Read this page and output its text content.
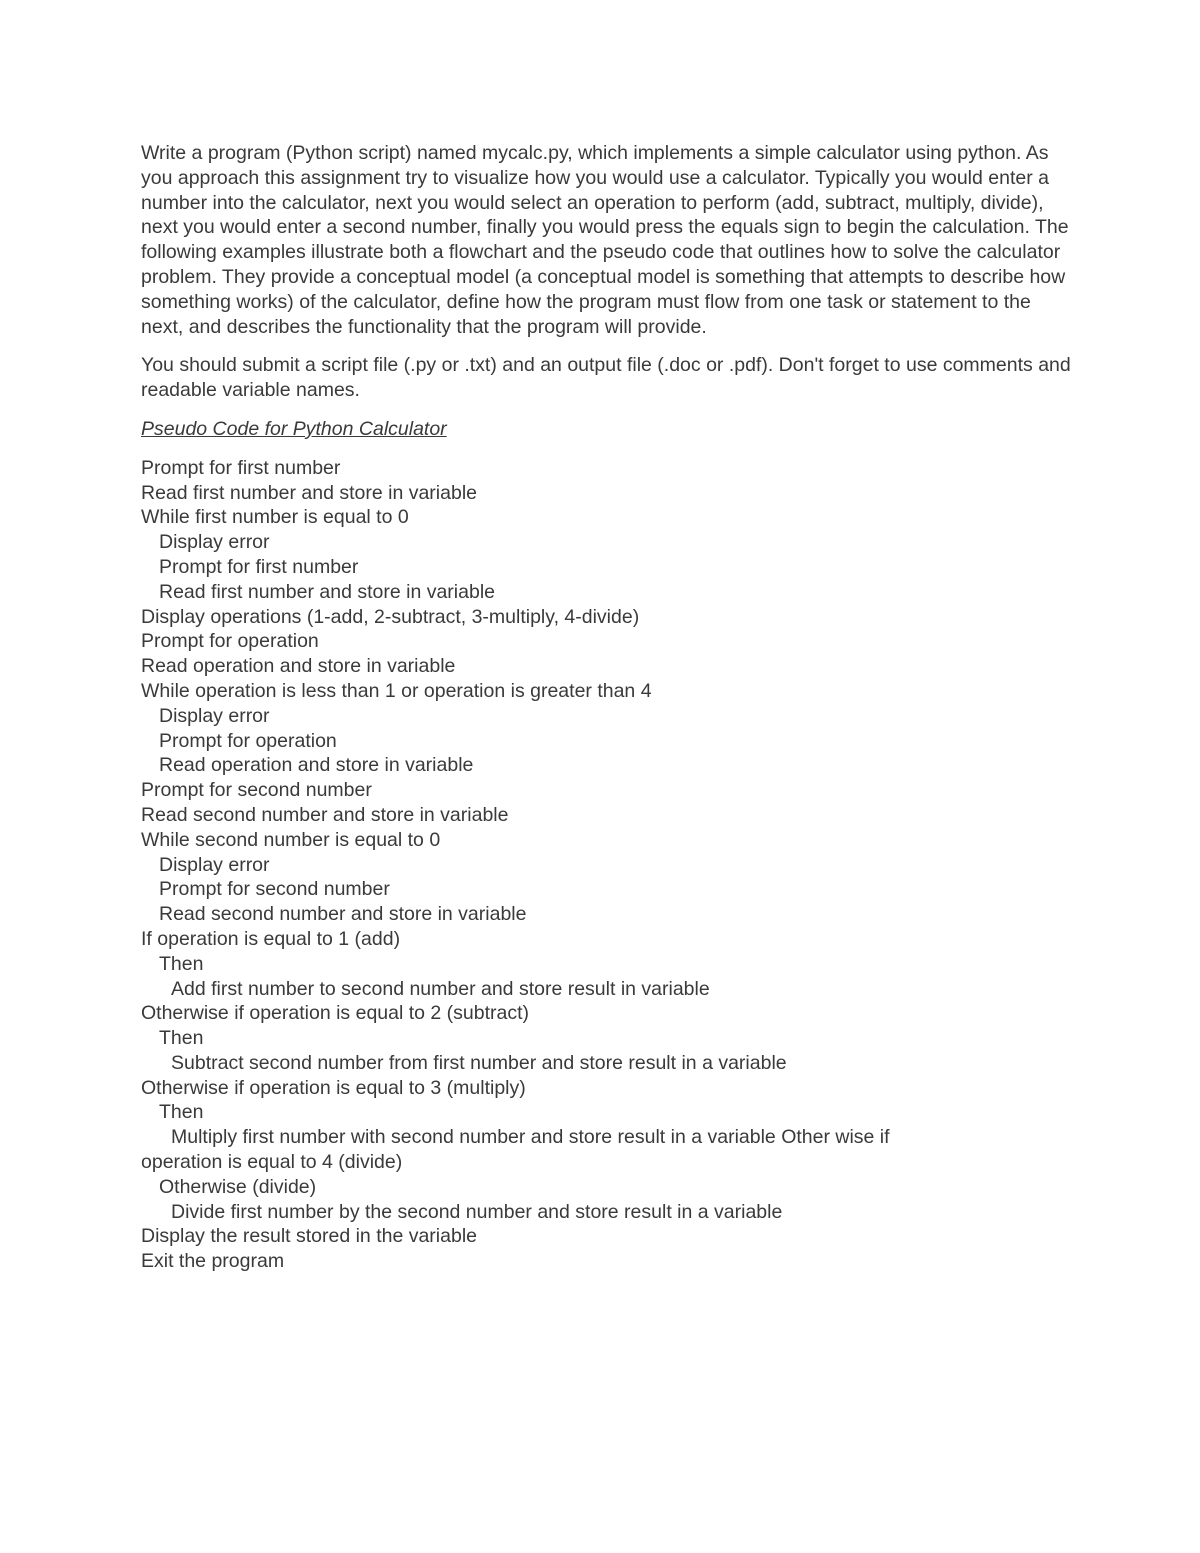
Write a program (Python script) named mycalc.py, which implements a simple calculator using python. As you approach this assignment try to visualize how you would use a calculator. Typically you would enter a number into the calculator, next you would select an operation to perform (add, subtract, multiply, divide), next you would enter a second number, finally you would press the equals sign to begin the calculation. The following examples illustrate both a flowchart and the pseudo code that outlines how to solve the calculator problem. They provide a conceptual model (a conceptual model is something that attempts to describe how something works) of the calculator, define how the program must flow from one task or statement to the next, and describes the functionality that the program will provide.

You should submit a script file (.py or .txt) and an output file (.doc or .pdf). Don't forget to use comments and readable variable names.

Pseudo Code for Python Calculator
Prompt for first number
Read first number and store in variable
While first number is equal to 0
Display error
Prompt for first number
Read first number and store in variable
Display operations (1-add, 2-subtract, 3-multiply, 4-divide)
Prompt for operation
Read operation and store in variable
While operation is less than 1 or operation is greater than 4
Display error
Prompt for operation
Read operation and store in variable
Prompt for second number
Read second number and store in variable
While second number is equal to 0
Display error
Prompt for second number
Read second number and store in variable
If operation is equal to 1 (add)
Then
Add first number to second number and store result in variable
Otherwise if operation is equal to 2 (subtract)
Then
Subtract second number from first number and store result in a variable
Otherwise if operation is equal to 3 (multiply)
Then
Multiply first number with second number and store result in a variable Other wise if
operation is equal to 4 (divide)
Otherwise (divide)
Divide first number by the second number and store result in a variable
Display the result stored in the variable
Exit the program
